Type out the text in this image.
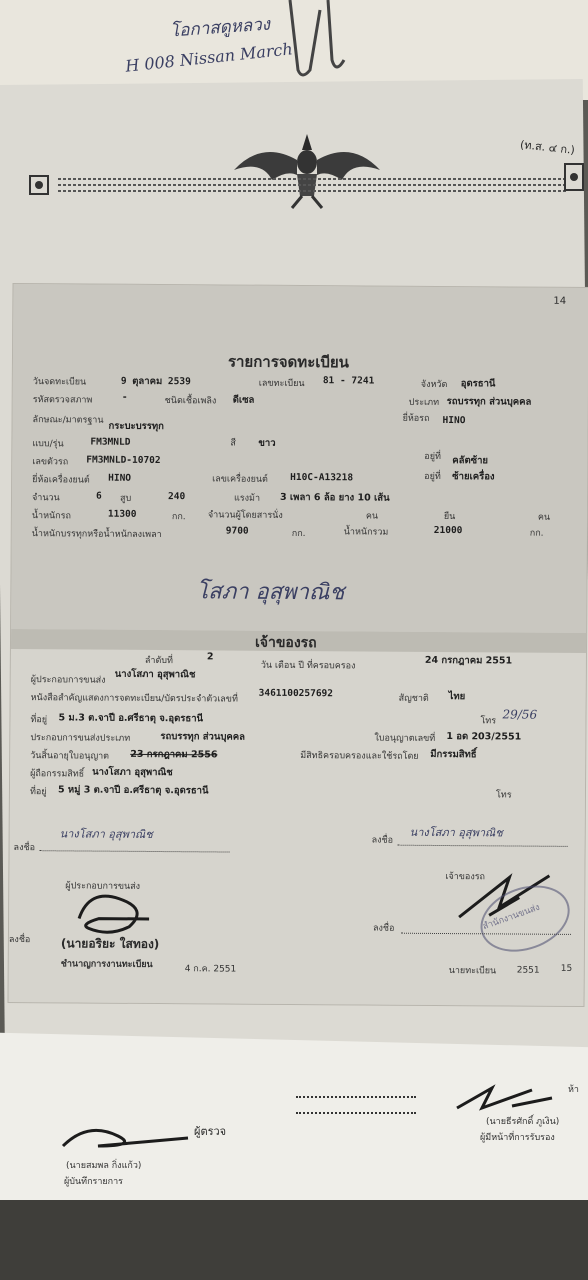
โอกาสดูหลวง
H 008 Nissan March
(ท.ส. ๔ ก.)
14
รายการจดทะเบียน
วันจดทะเบียน	9 ตุลาคม 2539	เลขทะเบียน 81 - 7241	จังหวัด อุดรธานี
รหัสตรวจสภาพ	-	ชนิดเชื้อเพลิง ดีเซล	ประเภท รถบรรทุก ส่วนบุคคล
ลักษณะ/มาตรฐาน
กระบะบรรทุก
ยี่ห้อรถ HINO
แบบ/รุ่น	FM3MNLD	สี ขาว
เลขตัวรถ FM3MNLD-10702	อยู่ที่ คลัตซ้าย
ยี่ห้อเครื่องยนต์ HINO	เลขเครื่องยนต์ H10C-A13218	อยู่ที่ ซ้ายเครื่อง
จำนวน	6 สูบ	240	แรงม้า 3 เพลา 6 ล้อ ยาง 10 เส้น
น้ำหนักรถ	11300	กก. จำนวนผู้โดยสารนั่ง	คน	ยืน	คน
น้ำหนักบรรทุกหรือน้ำหนักลงเพลา	9700	กก.	น้ำหนักรวม	21000	กก.
โสภา อุสุพาณิช
เจ้าของรถ
ลำดับที่	2
วัน เดือน ปี ที่ครอบครอง	24 กรกฎาคม 2551
ผู้ประกอบการขนส่ง
นางโสภา อุสุพาณิช
หนังสือสำคัญแสดงการจดทะเบียน/บัตรประจำตัวเลขที่ 3461100257692	สัญชาติ ไทย
ที่อยู่ 5 ม.3 ต.จาปี อ.ศรีธาตุ จ.อุดรธานี	โทร 29/56
ประกอบการขนส่งประเภท	รถบรรทุก ส่วนบุคคล	ใบอนุญาตเลขที่ 1 อด 203/2551
วันสิ้นอายุใบอนุญาต 23 กรกฎาคม 2556	มีสิทธิครอบครองและใช้รถโดย มีกรรมสิทธิ์
ผู้ถือกรรมสิทธิ์ นางโสภา อุสุพาณิช
ที่อยู่ 5 หมู่ 3 ต.จาปี อ.ศรีธาตุ จ.อุดรธานี	โทร
ลงชื่อ
นางโสภา อุสุพาณิช
ผู้ประกอบการขนส่ง
ลงชื่อ
นางโสภา อุสุพาณิช
เจ้าของรถ
ลงชื่อ	(นายอริยะ ใสทอง)
ชำนาญการงานทะเบียน	4 ก.ค. 2551
สำนักงานขนส่ง
ลงชื่อ
นายทะเบียน 2551 15
ผู้ตรวจ
(นายสมพล กิ่งแก้ว)
ผู้บันทึกรายการ
(นายธีรศักดิ์ ภูเงิน)
ผู้มีหน้าที่การรับรอง
ห้า
